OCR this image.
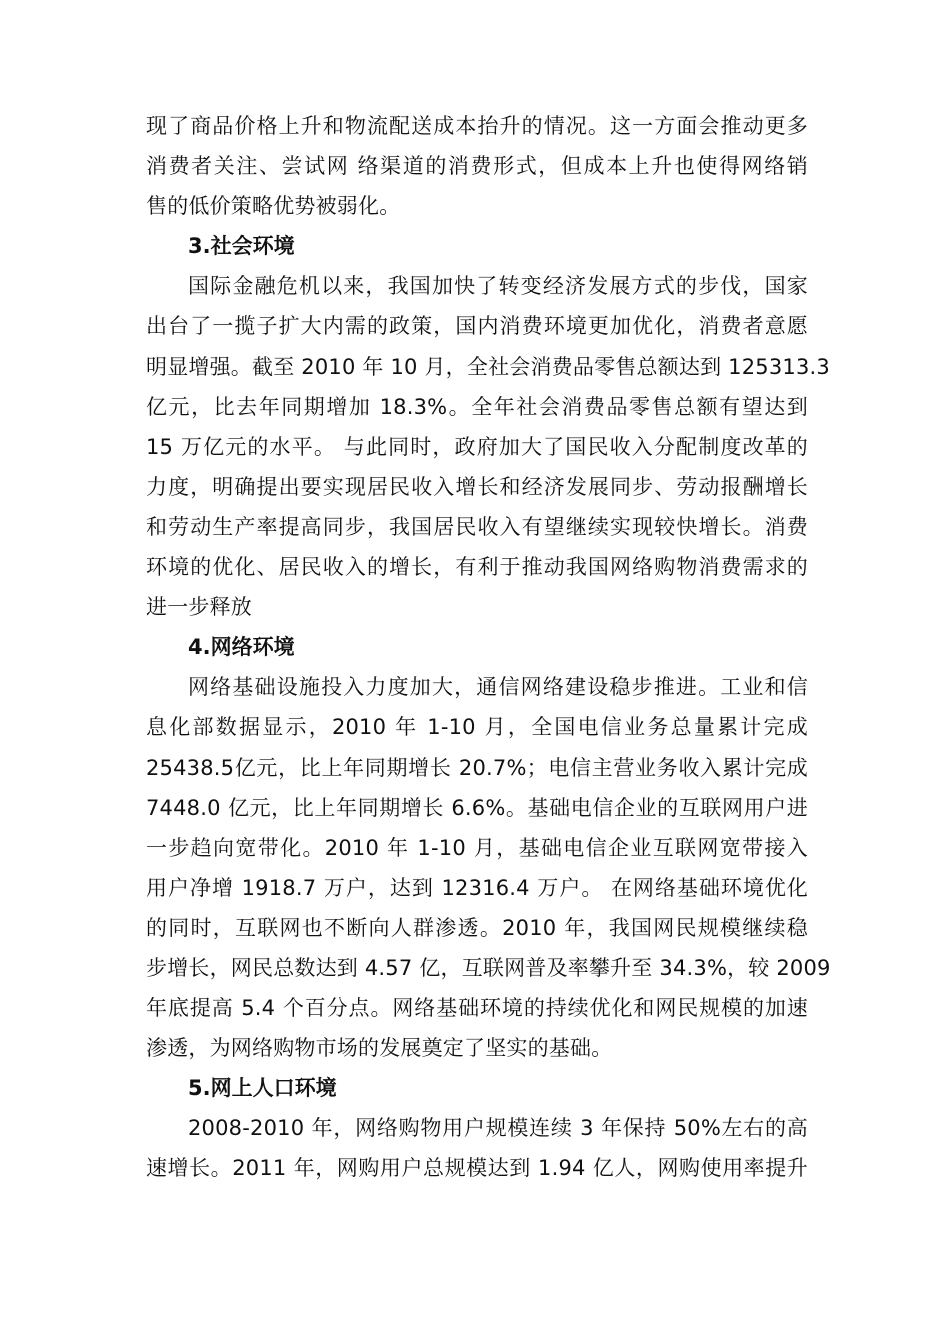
现了商品价格上升和物流配送成本抬升的情况。这一方面会推动更多
消费者关注、尝试网 络渠道的消费形式，但成本上升也使得网络销
售的低价策略优势被弱化。

3.社会环境

国际金融危机以来，我国加快了转变经济发展方式的步伐，国家
出台了一揽子扩大内需的政策，国内消费环境更加优化，消费者意愿
明显增强。截至 2010 年 10 月，全社会消费品零售总额达到 125313.3
亿元，比去年同期增加 18.3%。全年社会消费品零售总额有望达到
15 万亿元的水平。 与此同时，政府加大了国民收入分配制度改革的
力度，明确提出要实现居民收入增长和经济发展同步、劳动报酬增长
和劳动生产率提高同步，我国居民收入有望继续实现较快增长。消费
环境的优化、居民收入的增长，有利于推动我国网络购物消费需求的
进一步释放

4.网络环境

网络基础设施投入力度加大，通信网络建设稳步推进。工业和信
息化部数据显示，2010 年 1-10 月，全国电信业务总量累计完成
25438.5亿元，比上年同期增长 20.7%；电信主营业务收入累计完成
7448.0 亿元，比上年同期增长 6.6%。基础电信企业的互联网用户进
一步趋向宽带化。2010 年 1-10 月，基础电信企业互联网宽带接入
用户净增 1918.7 万户，达到 12316.4 万户。 在网络基础环境优化
的同时，互联网也不断向人群渗透。2010 年，我国网民规模继续稳
步增长，网民总数达到 4.57 亿，互联网普及率攀升至 34.3%，较 2009
年底提高 5.4 个百分点。网络基础环境的持续优化和网民规模的加速
渗透，为网络购物市场的发展奠定了坚实的基础。

5.网上人口环境

2008-2010 年，网络购物用户规模连续 3 年保持 50%左右的高
速增长。2011 年，网购用户总规模达到 1.94 亿人，网购使用率提升
